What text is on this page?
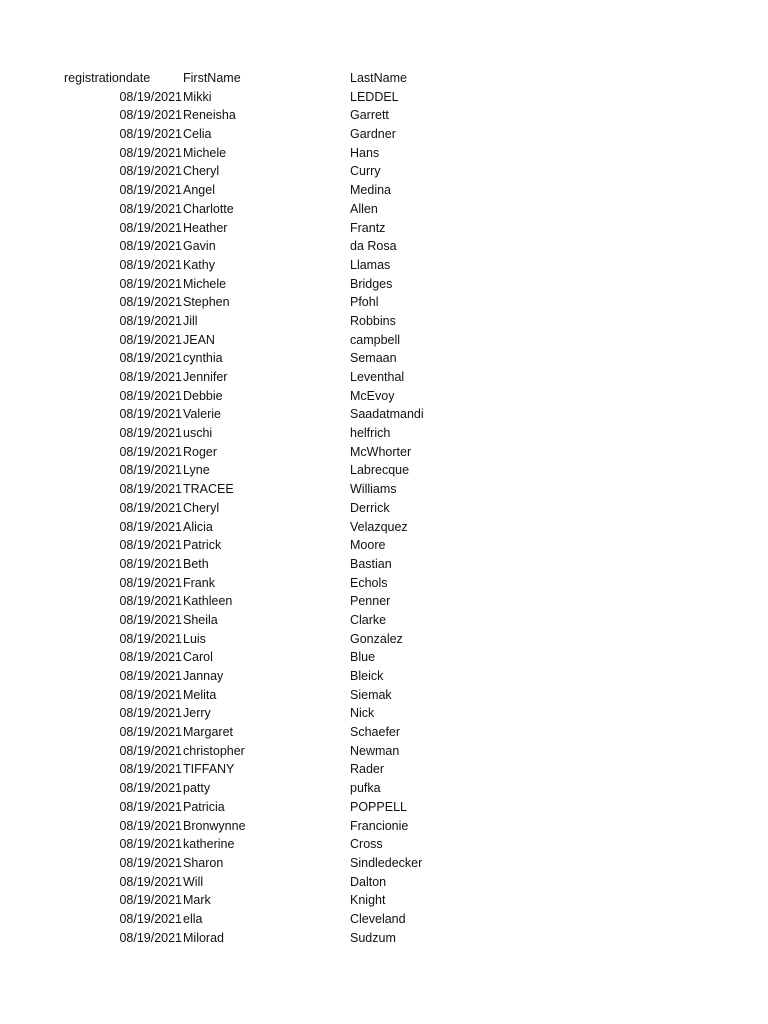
registrationdate	FirstName	LastName
08/19/2021 Mikki	LEDDEL
08/19/2021 Reneisha	Garrett
08/19/2021 Celia	Gardner
08/19/2021 Michele	Hans
08/19/2021 Cheryl	Curry
08/19/2021 Angel	Medina
08/19/2021 Charlotte	Allen
08/19/2021 Heather	Frantz
08/19/2021 Gavin	da Rosa
08/19/2021 Kathy	Llamas
08/19/2021 Michele	Bridges
08/19/2021 Stephen	Pfohl
08/19/2021 Jill	Robbins
08/19/2021 JEAN	campbell
08/19/2021 cynthia	Semaan
08/19/2021 Jennifer	Leventhal
08/19/2021 Debbie	McEvoy
08/19/2021 Valerie	Saadatmandi
08/19/2021 uschi	helfrich
08/19/2021 Roger	McWhorter
08/19/2021 Lyne	Labrecque
08/19/2021 TRACEE	Williams
08/19/2021 Cheryl	Derrick
08/19/2021 Alicia	Velazquez
08/19/2021 Patrick	Moore
08/19/2021 Beth	Bastian
08/19/2021 Frank	Echols
08/19/2021 Kathleen	Penner
08/19/2021 Sheila	Clarke
08/19/2021 Luis	Gonzalez
08/19/2021 Carol	Blue
08/19/2021 Jannay	Bleick
08/19/2021 Melita	Siemak
08/19/2021 Jerry	Nick
08/19/2021 Margaret	Schaefer
08/19/2021 christopher	Newman
08/19/2021 TIFFANY	Rader
08/19/2021 patty	pufka
08/19/2021 Patricia	POPPELL
08/19/2021 Bronwynne	Francionie
08/19/2021 katherine	Cross
08/19/2021 Sharon	Sindledecker
08/19/2021 Will	Dalton
08/19/2021 Mark	Knight
08/19/2021 ella	Cleveland
08/19/2021 Milorad	Sudzum
